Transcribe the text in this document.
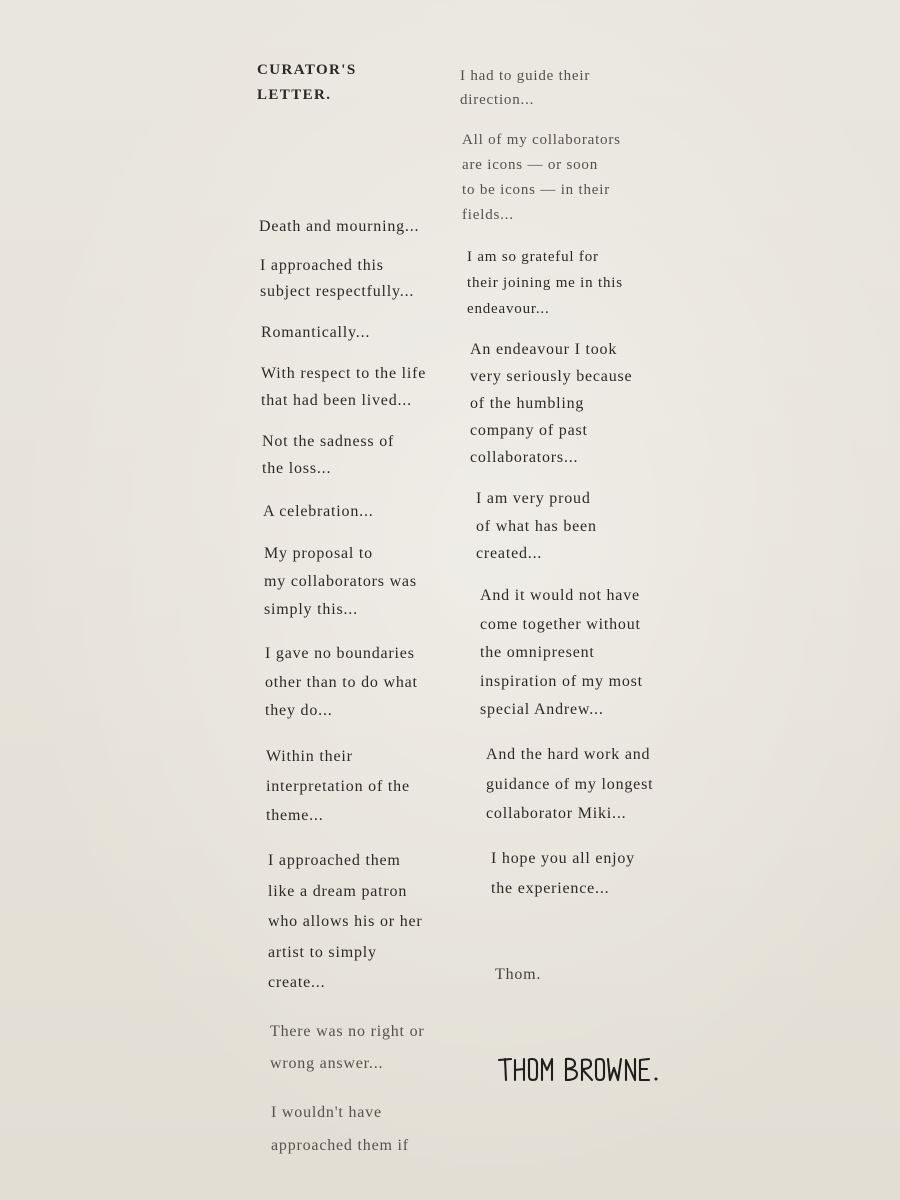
CURATOR'S
LETTER.
Death and mourning...
I approached this
subject respectfully...
Romantically...
With respect to the life
that had been lived...
Not the sadness of
the loss...
A celebration...
My proposal to
my collaborators was
simply this...
I gave no boundaries
other than to do what
they do...
Within their
interpretation of the
theme...
I approached them
like a dream patron
who allows his or her
artist to simply
create...
There was no right or
wrong answer...
I wouldn't have
approached them if
I had to guide their
direction...
All of my collaborators
are icons — or soon
to be icons — in their
fields...
I am so grateful for
their joining me in this
endeavour...
An endeavour I took
very seriously because
of the humbling
company of past
collaborators...
I am very proud
of what has been
created...
And it would not have
come together without
the omnipresent
inspiration of my most
special Andrew...
And the hard work and
guidance of my longest
collaborator Miki...
I hope you all enjoy
the experience...
Thom.
